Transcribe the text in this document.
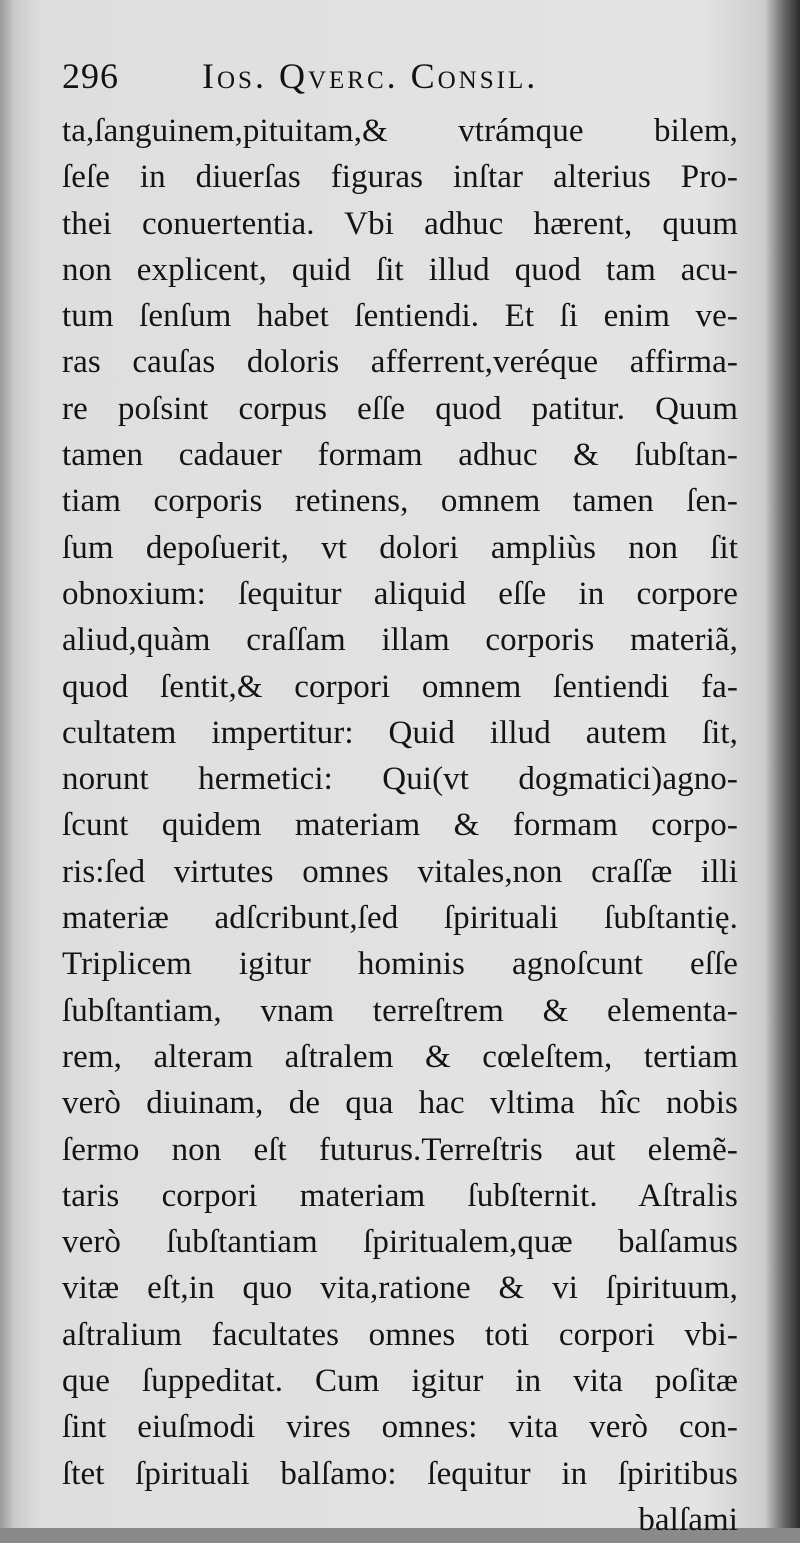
296 Ios. Qverc. Consil.
ta,ſanguinem,pituitam,& vtrámque bilem,
ſeſe in diuerſas figuras inſtar alterius Pro-
thei conuertentia. Vbi adhuc hærent, quum
non explicent, quid ſit illud quod tam acu-
tum ſenſum habet ſentiendi. Et ſi enim ve-
ras cauſas doloris afferrent,veréque affirma-
re poſsint corpus eſſe quod patitur. Quum
tamen cadauer formam adhuc & ſubſtan-
tiam corporis retinens, omnem tamen ſen-
ſum depoſuerit, vt dolori ampliùs non ſit
obnoxium: ſequitur aliquid eſſe in corpore
aliud,quàm craſſam illam corporis materiã,
quod ſentit,& corpori omnem ſentiendi fa-
cultatem impertitur: Quid illud autem ſit,
norunt hermetici: Qui(vt dogmatici)agno-
ſcunt quidem materiam & formam corpo-
ris:ſed virtutes omnes vitales,non craſſæ illi
materiæ adſcribunt,ſed ſpirituali ſubſtantię.
Triplicem igitur hominis agnoſcunt eſſe
ſubſtantiam, vnam terreſtrem & elementa-
rem, alteram aſtralem & cœleſtem, tertiam
verò diuinam, de qua hac vltima hîc nobis
ſermo non eſt futurus.Terreſtris aut elemẽ-
taris corpori materiam ſubſternit. Aſtralis
verò ſubſtantiam ſpiritualem,quæ balſamus
vitæ eſt,in quo vita,ratione & vi ſpirituum,
aſtralium facultates omnes toti corpori vbi-
que ſuppeditat. Cum igitur in vita poſitæ
ſint eiuſmodi vires omnes: vita verò con-
ſtet ſpirituali balſamo: ſequitur in ſpiritibus
balſami
